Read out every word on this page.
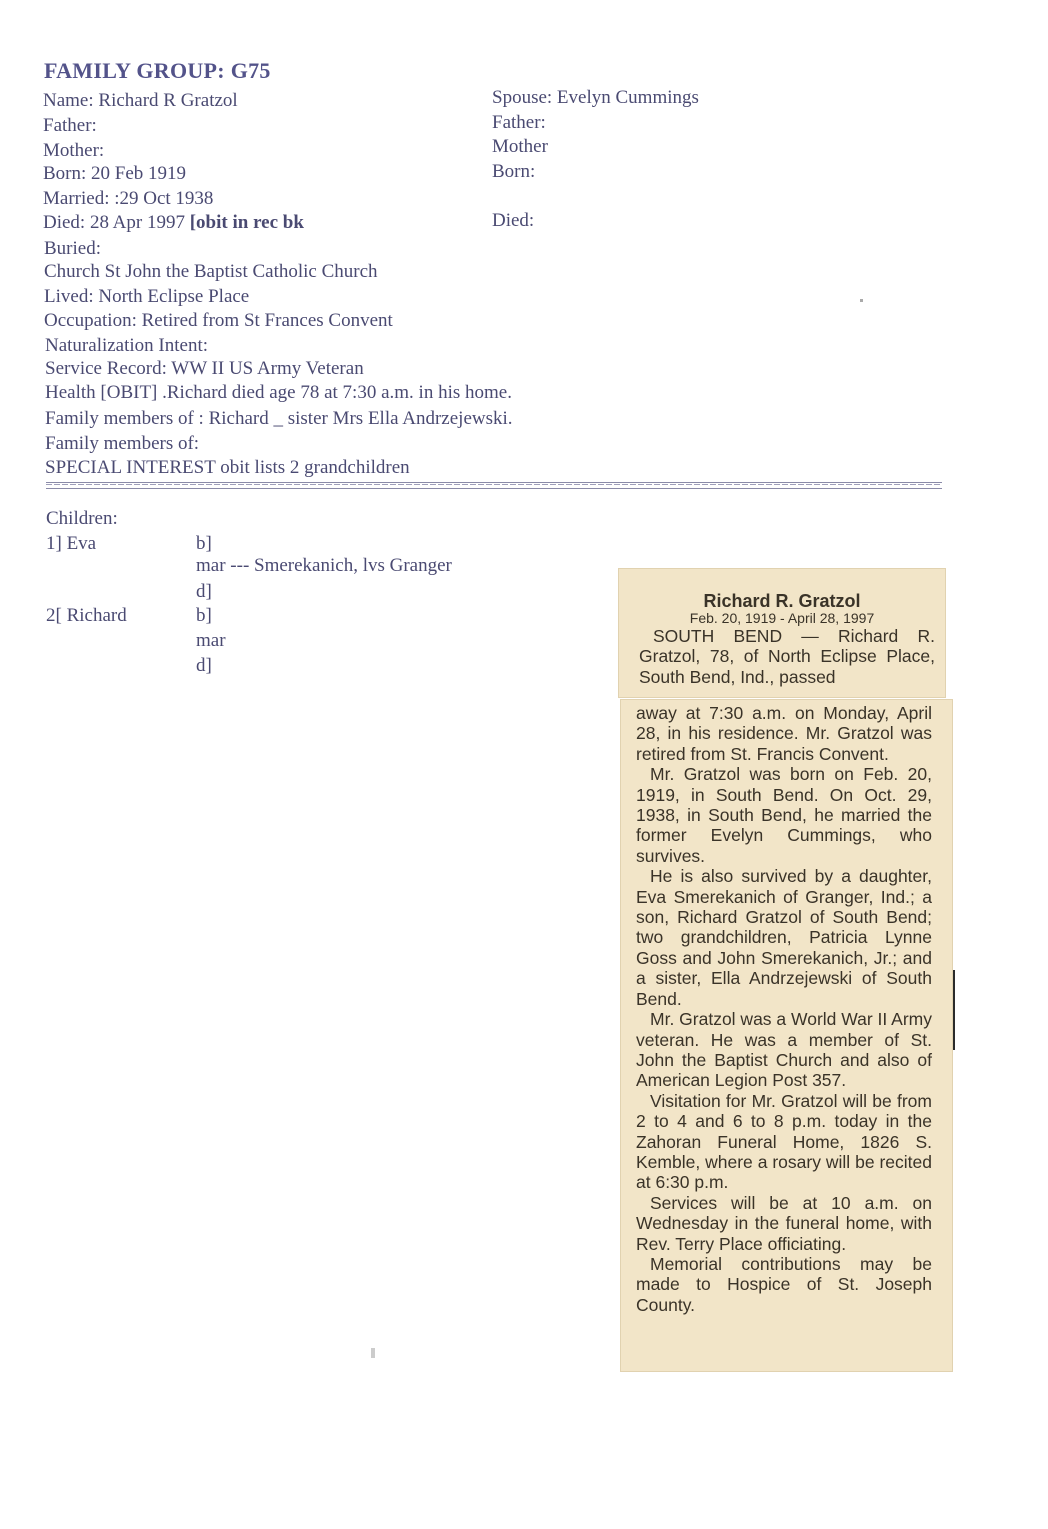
FAMILY GROUP: G75
Name: Richard R Gratzol
Father:
Mother:
Born: 20 Feb 1919
Married: :29 Oct 1938
Died: 28 Apr 1997 [obit in rec bk
Buried:
Church St John the Baptist Catholic Church
Lived: North Eclipse Place
Occupation: Retired from St Frances Convent
Naturalization Intent:
Service Record: WW II US Army Veteran
Health [OBIT] .Richard died age 78 at 7:30 a.m. in his home.
Family members of : Richard _ sister Mrs Ella Andrzejewski.
Family members of:
SPECIAL INTEREST obit lists 2 grandchildren
Spouse: Evelyn Cummings
Father:
Mother
Born:
Died:
Children:
1] Eva	b]
mar --- Smerekanich, lvs Granger
d]
2[ Richard	b]
mar
d]
Richard R. Gratzol
Feb. 20, 1919 - April 28, 1997

SOUTH BEND — Richard R. Gratzol, 78, of North Eclipse Place, South Bend, Ind., passed

away at 7:30 a.m. on Monday, April 28, in his residence. Mr. Gratzol was retired from St. Francis Convent.

Mr. Gratzol was born on Feb. 20, 1919, in South Bend. On Oct. 29, 1938, in South Bend, he married the former Evelyn Cummings, who survives.

He is also survived by a daughter, Eva Smerekanich of Granger, Ind.; a son, Richard Gratzol of South Bend; two grandchildren, Patricia Lynne Goss and John Smerekanich, Jr.; and a sister, Ella Andrzejewski of South Bend.

Mr. Gratzol was a World War II Army veteran. He was a member of St. John the Baptist Church and also of American Legion Post 357.

Visitation for Mr. Gratzol will be from 2 to 4 and 6 to 8 p.m. today in the Zahoran Funeral Home, 1826 S. Kemble, where a rosary will be recited at 6:30 p.m.

Services will be at 10 a.m. on Wednesday in the funeral home, with Rev. Terry Place officiating.

Memorial contributions may be made to Hospice of St. Joseph County.
